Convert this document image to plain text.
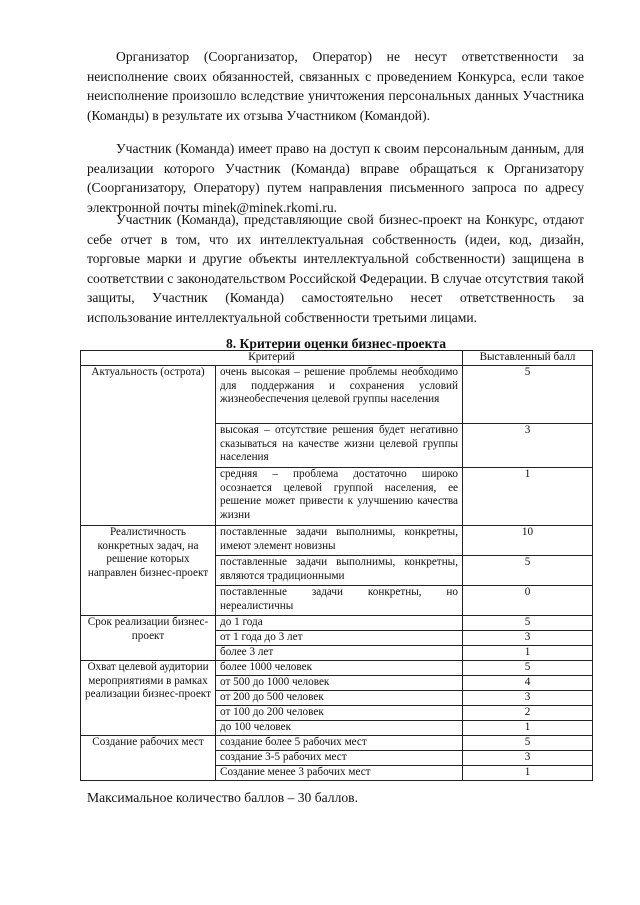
Организатор (Соорганизатор, Оператор) не несут ответственности за неисполнение своих обязанностей, связанных с проведением Конкурса, если такое неисполнение произошло вследствие уничтожения персональных данных Участника (Команды) в результате их отзыва Участником (Командой).

Участник (Команда) имеет право на доступ к своим персональным данным, для реализации которого Участник (Команда) вправе обращаться к Организатору (Соорганизатору, Оператору) путем направления письменного запроса по адресу электронной почты minek@minek.rkomi.ru.

Участник (Команда), представляющие свой бизнес-проект на Конкурс, отдают себе отчет в том, что их интеллектуальная собственность (идеи, код, дизайн, торговые марки и другие объекты интеллектуальной собственности) защищена в соответствии с законодательством Российской Федерации. В случае отсутствия такой защиты, Участник (Команда) самостоятельно несет ответственность за использование интеллектуальной собственности третьими лицами.

8. Критерии оценки бизнес-проекта
Критерий		Выставленный балл
Актуальность (острота)	очень высокая – решение проблемы необходимо для поддержания и сохранения условий жизнеобеспечения целевой группы населения	5
	высокая – отсутствие решения будет негативно сказываться на качестве жизни целевой группы населения	3
	средняя – проблема достаточно широко осознается целевой группой населения, ее решение может привести к улучшению качества жизни	1
Реалистичность конкретных задач, на решение которых направлен бизнес-проект	поставленные задачи выполнимы, конкретны, имеют элемент новизны	10
	поставленные задачи выполнимы, конкретны, являются традиционными	5
	поставленные задачи конкретны, но нереалистичны	0
Срок реализации бизнес-проект	до 1 года	5
	от 1 года до 3 лет	3
	более 3 лет	1
Охват целевой аудитории мероприятиями в рамках реализации бизнес-проект	более 1000 человек	5
	от 500 до 1000 человек	4
	от 200 до 500 человек	3
	от 100 до 200 человек	2
	до 100 человек	1
Создание рабочих мест	создание более 5 рабочих мест	5
	создание 3-5 рабочих мест	3
	Создание менее 3 рабочих мест	1

Максимальное количество баллов – 30 баллов.
